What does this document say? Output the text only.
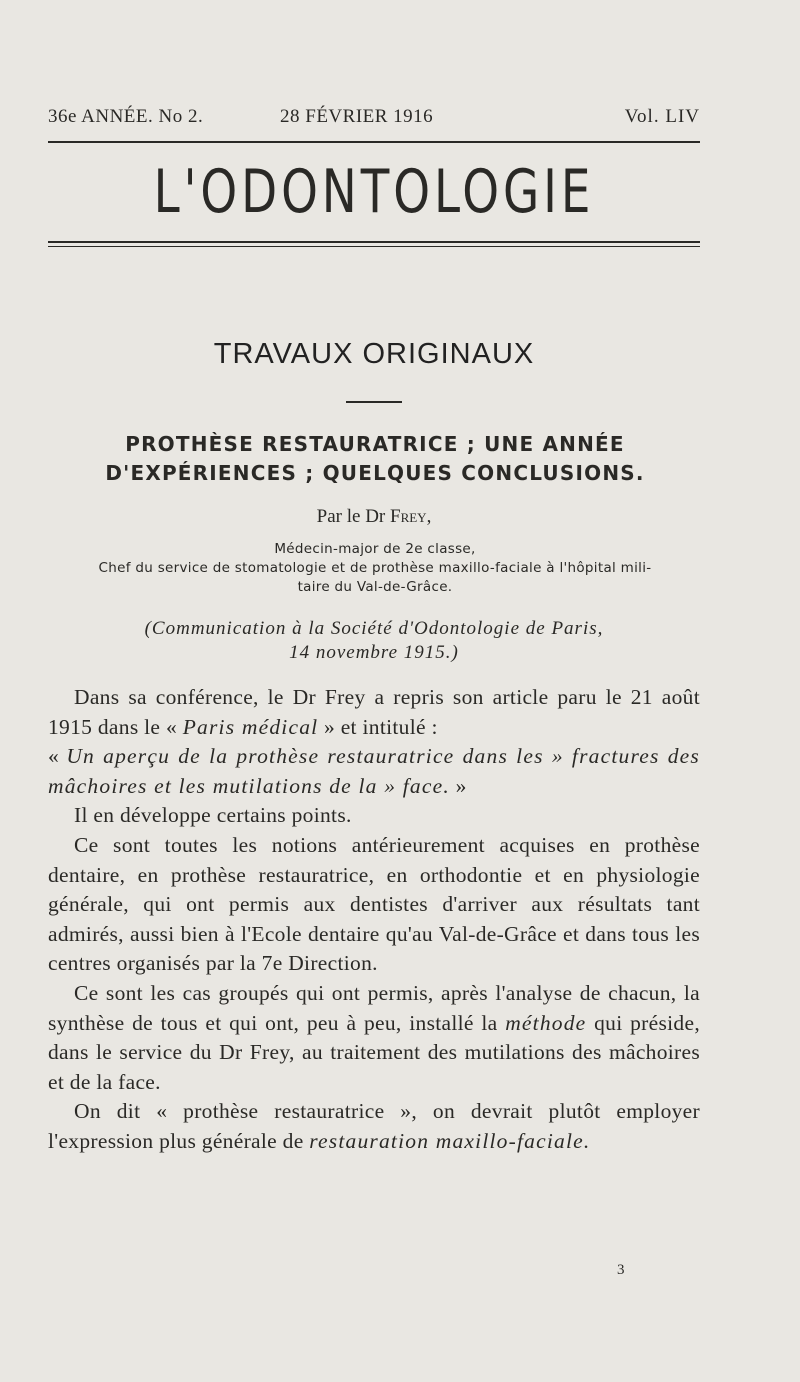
36e ANNÉE. No 2.	28 FÉVRIER 1916	Vol. LIV
L'ODONTOLOGIE
TRAVAUX ORIGINAUX
PROTHÈSE RESTAURATRICE ; UNE ANNÉE
D'EXPÉRIENCES ; QUELQUES CONCLUSIONS.
Par le Dr Frey,
Médecin-major de 2e classe,
Chef du service de stomatologie et de prothèse maxillo-faciale à l'hôpital mili-
taire du Val-de-Grâce.
(Communication à la Société d'Odontologie de Paris,
14 novembre 1915.)

Dans sa conférence, le Dr Frey a repris son article paru le 21 août 1915 dans le « Paris médical » et intitulé :

« Un aperçu de la prothèse restauratrice dans les » fractures des mâchoires et les mutilations de la » face. »

Il en développe certains points.

Ce sont toutes les notions antérieurement acquises en prothèse dentaire, en prothèse restauratrice, en orthodontie et en physiologie générale, qui ont permis aux dentistes d'arriver aux résultats tant admirés, aussi bien à l'Ecole dentaire qu'au Val-de-Grâce et dans tous les centres organisés par la 7e Direction.

Ce sont les cas groupés qui ont permis, après l'analyse de chacun, la synthèse de tous et qui ont, peu à peu, installé la méthode qui préside, dans le service du Dr Frey, au traitement des mutilations des mâchoires et de la face.

On dit « prothèse restauratrice », on devrait plutôt employer l'expression plus générale de restauration maxillo-faciale.

3
